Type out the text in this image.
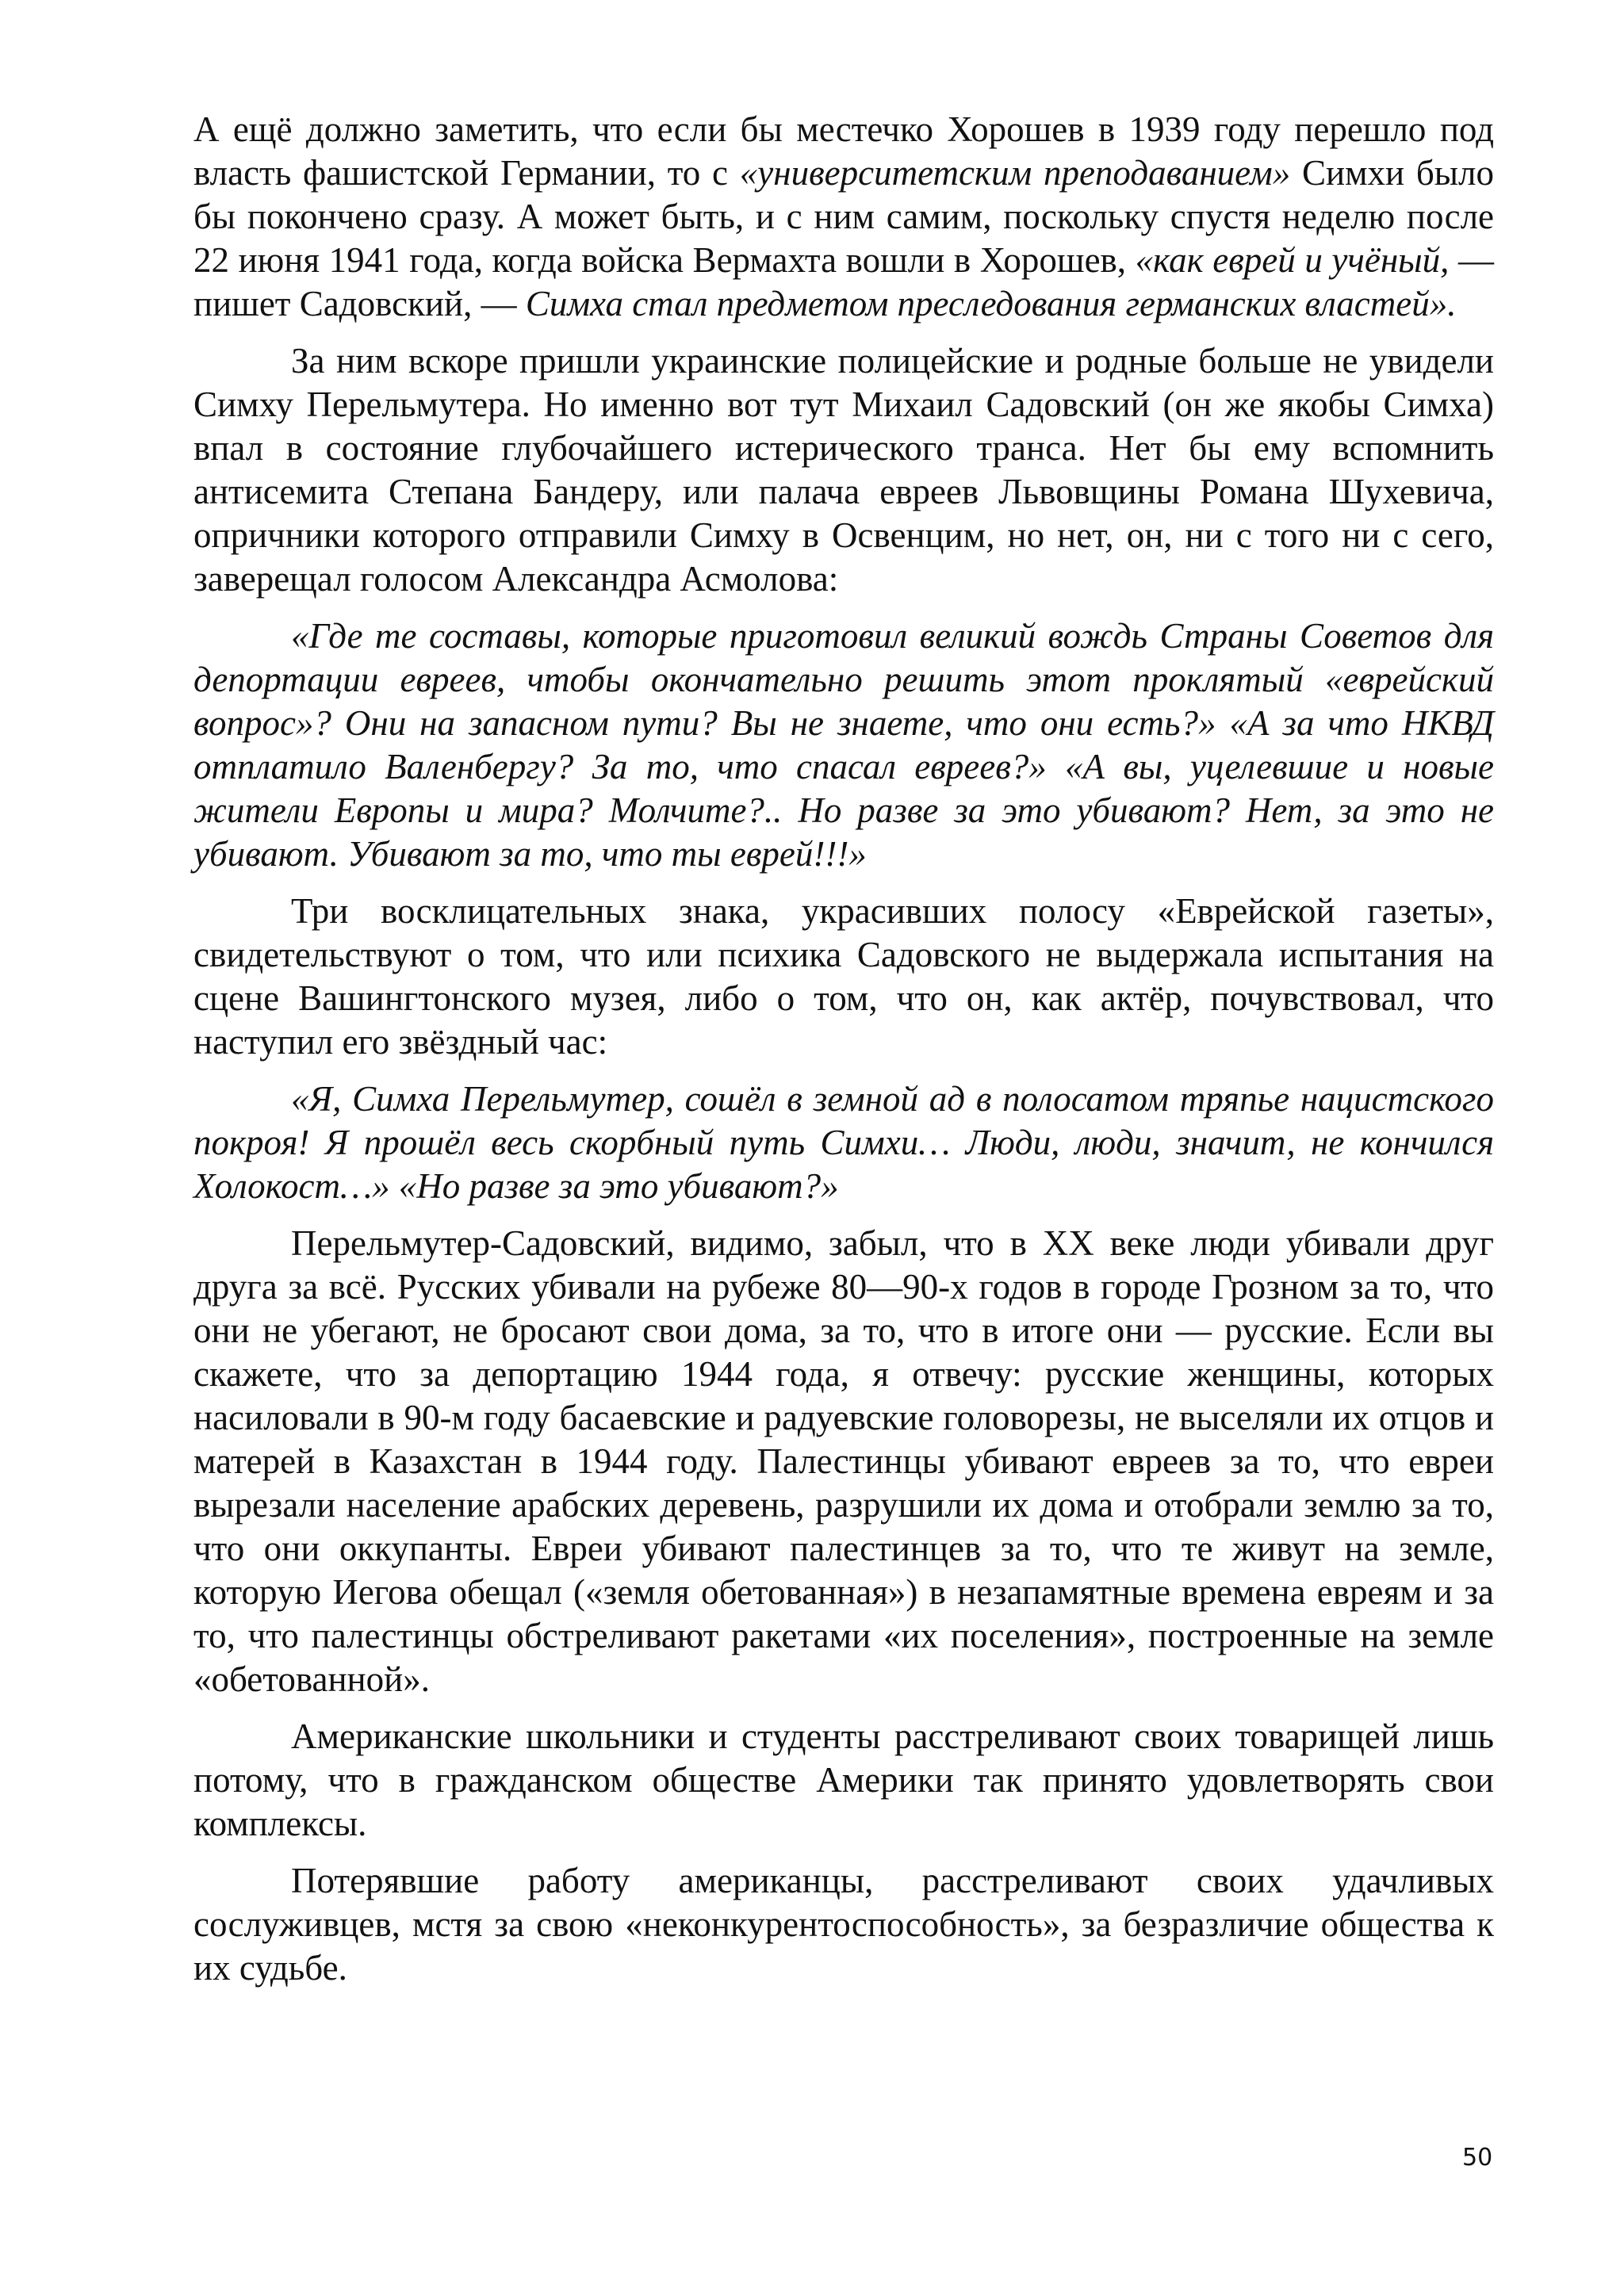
А ещё должно заметить, что если бы местечко Хорошев в 1939 году перешло под власть фашистской Германии, то с «университетским преподаванием» Симхи было бы покончено сразу. А может быть, и с ним самим, поскольку спустя неделю после 22 июня 1941 года, когда войска Вермахта вошли в Хорошев, «как еврей и учёный, — пишет Садовский, — Симха стал предметом преследования германских властей».

За ним вскоре пришли украинские полицейские и родные больше не увидели Симху Перельмутера. Но именно вот тут Михаил Садовский (он же якобы Симха) впал в состояние глубочайшего истерического транса. Нет бы ему вспомнить антисемита Степана Бандеру, или палача евреев Львовщины Романа Шухевича, опричники которого отправили Симху в Освенцим, но нет, он, ни с того ни с сего, заверещал голосом Александра Асмолова:

«Где те составы, которые приготовил великий вождь Страны Советов для депортации евреев, чтобы окончательно решить этот проклятый «еврейский вопрос»? Они на запасном пути? Вы не знаете, что они есть?» «А за что НКВД отплатило Валенбергу? За то, что спасал евреев?» «А вы, уцелевшие и новые жители Европы и мира? Молчите?.. Но разве за это убивают? Нет, за это не убивают. Убивают за то, что ты еврей!!!»

Три восклицательных знака, украсивших полосу «Еврейской газеты», свидетельствуют о том, что или психика Садовского не выдержала испытания на сцене Вашингтонского музея, либо о том, что он, как актёр, почувствовал, что наступил его звёздный час:

«Я, Симха Перельмутер, сошёл в земной ад в полосатом тряпье нацистского покроя! Я прошёл весь скорбный путь Симхи… Люди, люди, значит, не кончился Холокост…» «Но разве за это убивают?»

Перельмутер-Садовский, видимо, забыл, что в XX веке люди убивали друг друга за всё. Русских убивали на рубеже 80—90-х годов в городе Грозном за то, что они не убегают, не бросают свои дома, за то, что в итоге они — русские. Если вы скажете, что за депортацию 1944 года, я отвечу: русские женщины, которых насиловали в 90-м году басаевские и радуевские головорезы, не выселяли их отцов и матерей в Казахстан в 1944 году. Палестинцы убивают евреев за то, что евреи вырезали население арабских деревень, разрушили их дома и отобрали землю за то, что они оккупанты. Евреи убивают палестинцев за то, что те живут на земле, которую Иегова обещал («земля обетованная») в незапамятные времена евреям и за то, что палестинцы обстреливают ракетами «их поселения», построенные на земле «обетованной».

Американские школьники и студенты расстреливают своих товарищей лишь потому, что в гражданском обществе Америки так принято удовлетворять свои комплексы.

Потерявшие работу американцы, расстреливают своих удачливых сослуживцев, мстя за свою «неконкурентоспособность», за безразличие общества к их судьбе.

50
